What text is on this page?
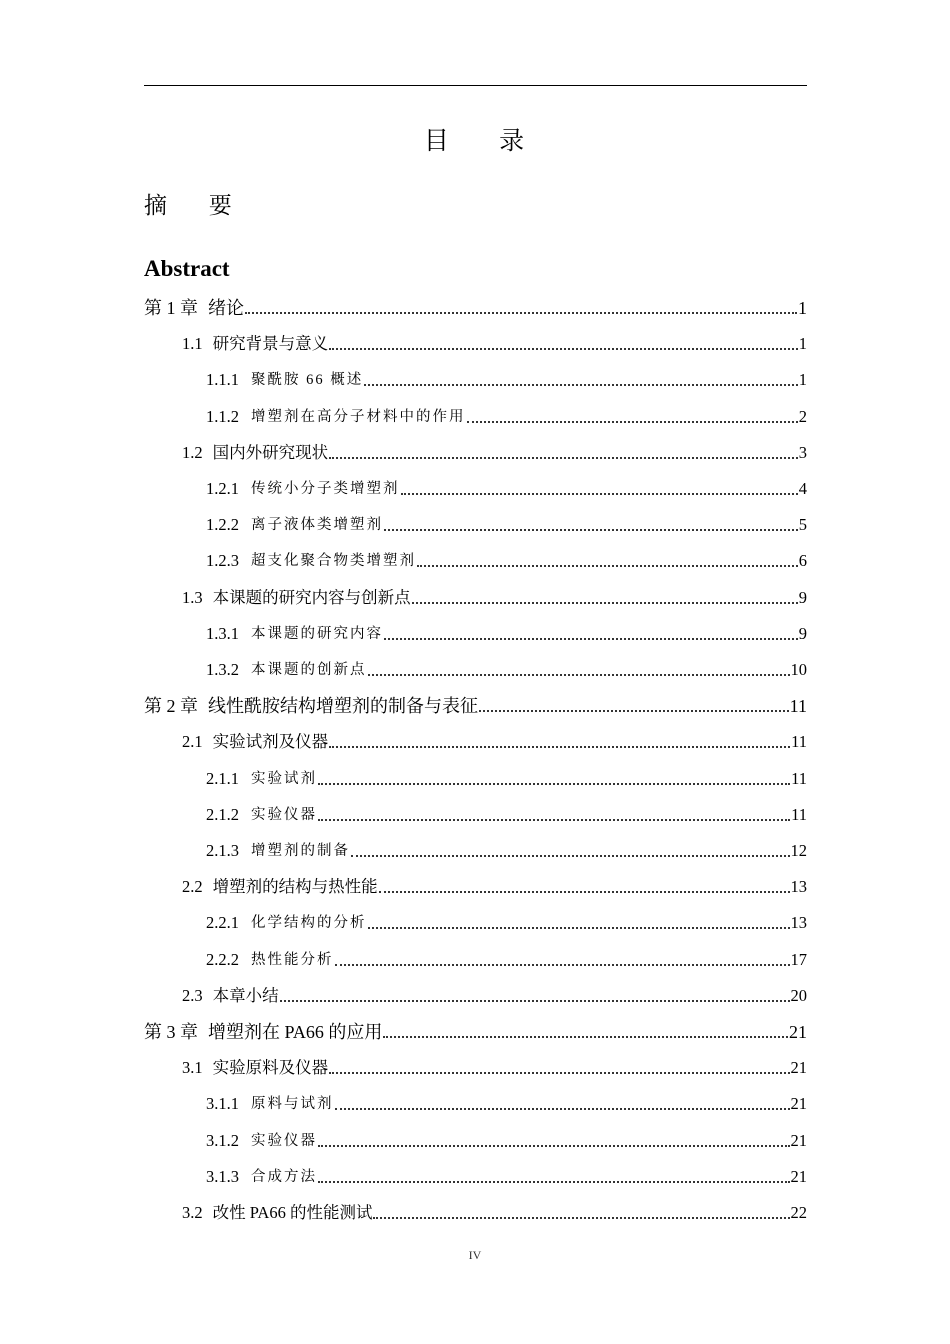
目 录
摘 要
Abstract
第 1 章 绪论	1
1.1 研究背景与意义	1
1.1.1 聚酰胺 66 概述	1
1.1.2 增塑剂在高分子材料中的作用	2
1.2 国内外研究现状	3
1.2.1 传统小分子类增塑剂	4
1.2.2 离子液体类增塑剂	5
1.2.3 超支化聚合物类增塑剂	6
1.3 本课题的研究内容与创新点	9
1.3.1 本课题的研究内容	9
1.3.2 本课题的创新点	10
第 2 章 线性酰胺结构增塑剂的制备与表征	11
2.1 实验试剂及仪器	11
2.1.1 实验试剂	11
2.1.2 实验仪器	11
2.1.3 增塑剂的制备	12
2.2 增塑剂的结构与热性能	13
2.2.1 化学结构的分析	13
2.2.2 热性能分析	17
2.3 本章小结	20
第 3 章 增塑剂在 PA66 的应用	21
3.1 实验原料及仪器	21
3.1.1 原料与试剂	21
3.1.2 实验仪器	21
3.1.3 合成方法	21
3.2 改性 PA66 的性能测试	22
IV
